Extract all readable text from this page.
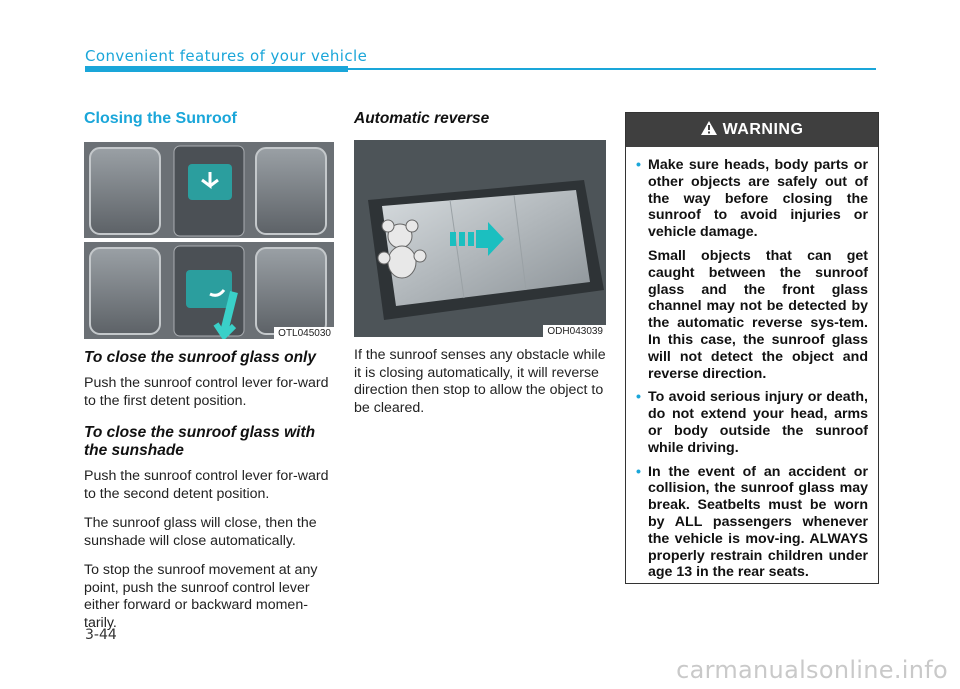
Convenient features of your vehicle
Closing the Sunroof
OTL045030
To close the sunroof glass only

Push the sunroof control lever for-ward to the first detent position.

To close the sunroof glass with the sunshade

Push the sunroof control lever for-ward to the second detent position.

The sunroof glass will close, then the sunshade will close automatically.

To stop the sunroof movement at any point, push the sunroof control lever either forward or backward momen-tarily.

Automatic reverse
ODH043039

If the sunroof senses any obstacle while it is closing automatically, it will reverse direction then stop to allow the object to be cleared.

WARNING
• Make sure heads, body parts or other objects are safely out of the way before closing the sunroof to avoid injuries or vehicle damage.
Small objects that can get caught between the sunroof glass and the front glass channel may not be detected by the automatic reverse sys-tem. In this case, the sunroof glass will not detect the object and reverse direction.
• To avoid serious injury or death, do not extend your head, arms or body outside the sunroof while driving.
• In the event of an accident or collision, the sunroof glass may break. Seatbelts must be worn by ALL passengers whenever the vehicle is mov-ing. ALWAYS properly restrain children under age 13 in the rear seats.
3-44
carmanualsonline.info
